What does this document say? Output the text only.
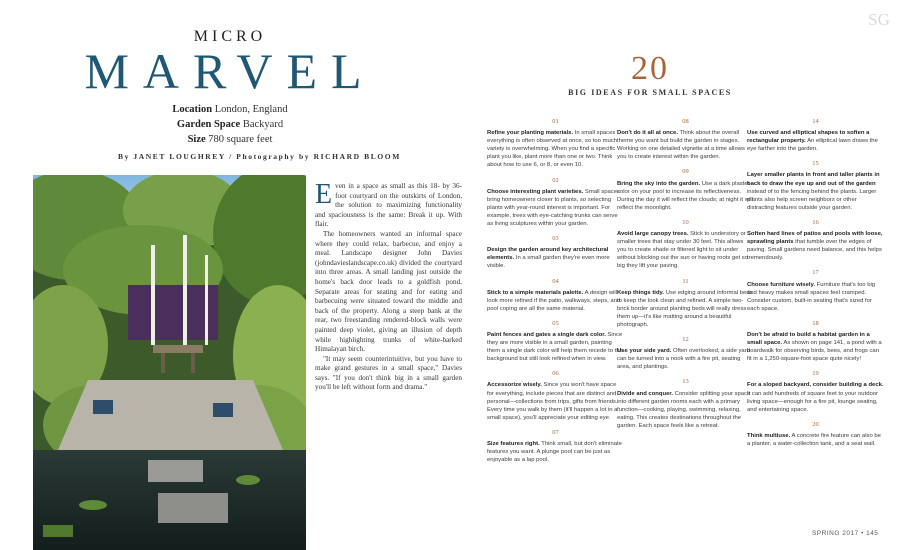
MICRO
MARVEL
Location London, England
Garden Space Backyard
Size 780 square feet
By JANET LOUGHREY / Photography by RICHARD BLOOM

Even in a space as small as this 18- by 36-foot courtyard on the outskirts of London, the solution to maximizing functionality and spaciousness is the same: Break it up. With flair.

The homeowners wanted an informal space where they could relax, barbecue, and enjoy a meal. Landscape designer John Davies (johndavieslandscape.co.uk) divided the courtyard into three areas. A small landing just outside the home's back door leads to a goldfish pond. Separate areas for seating and for eating and barbecuing were situated toward the middle and back of the property. Along a steep bank at the rear, two freestanding rendered-block walls were painted deep violet, giving an illusion of depth while highlighting trunks of white-barked Himalayan birch.

"It may seem counterintuitive, but you have to make grand gestures in a small space," Davies says. "If you don't think big in a small garden you'll be left without form and drama."

SG
20
BIG IDEAS FOR SMALL SPACES
01
Refine your planting materials. In small spaces everything is often observed at once, so too much variety is overwhelming. When you find a specific plant you like, plant more than one or two. Think about how to use 6, or 8, or even 10.
02
Choose interesting plant varieties. Small spaces bring homeowners closer to plants, so selecting plants with year-round interest is important. For example, trees with eye-catching trunks can serve as living sculptures within your garden.
03
Design the garden around key architectural elements. In a small garden they're even more visible.
04
Stick to a simple materials palette. A design will look more refined if the patio, walkways, steps, and pool coping are all the same material.
05
Paint fences and gates a single dark color. Since they are more visible in a small garden, painting them a single dark color will help them recede to the background but still look refined when in view.
06
Accessorize wisely. Since you won't have space for everything, include pieces that are distinct and personal—collections from trips, gifts from friends. Every time you walk by them (it'll happen a lot in a small space), you'll appreciate your editing eye.
07
Size features right. Think small, but don't eliminate features you want. A plunge pool can be just as enjoyable as a lap pool.
08
Don't do it all at once. Think about the overall theme you want but build the garden in stages. Working on one detailed vignette at a time allows you to create interest within the garden.
09
Bring the sky into the garden. Use a dark plaster color on your pool to increase its reflectiveness. During the day it will reflect the clouds; at night it will reflect the moonlight.
10
Avoid large canopy trees. Stick to understory or smaller trees that stay under 30 feet. This allows you to create shade or filtered light to sit under without blocking out the sun or having roots get so big they lift your paving.
11
Keep things tidy. Use edging around informal beds to keep the look clean and refined. A simple two-brick border around planting beds will really dress them up—it's like matting around a beautiful photograph.
12
Use your side yard. Often overlooked, a side yard can be turned into a nook with a fire pit, seating area, and plantings.
13
Divide and conquer. Consider splitting your space into different garden rooms each with a primary function—cooking, playing, swimming, relaxing, eating. This creates destinations throughout the garden. Each space feels like a retreat.
14
Use curved and elliptical shapes to soften a rectangular property. An elliptical lawn draws the eye farther into the garden.
15
Layer smaller plants in front and taller plants in back to draw the eye up and out of the garden instead of to the fencing behind the plants. Larger plants also help screen neighbors or other distracting features outside your garden.
16
Soften hard lines of patios and pools with loose, sprawling plants that tumble over the edges of paving. Small gardens need balance, and this helps tremendously.
17
Choose furniture wisely. Furniture that's too big and heavy makes small spaces feel cramped. Consider custom, built-in seating that's sized for each space.
18
Don't be afraid to build a habitat garden in a small space. As shown on page 141, a pond with a boardwalk for observing birds, bees, and frogs can fit in a 1,250-square-foot space quite nicely!
19
For a sloped backyard, consider building a deck. It can add hundreds of square feet to your outdoor living space—enough for a fire pit, lounge seating, and entertaining space.
20
Think multiuse. A concrete fire feature can also be a planter, a water-collection tank, and a seat wall.
SPRING 2017 • 145
